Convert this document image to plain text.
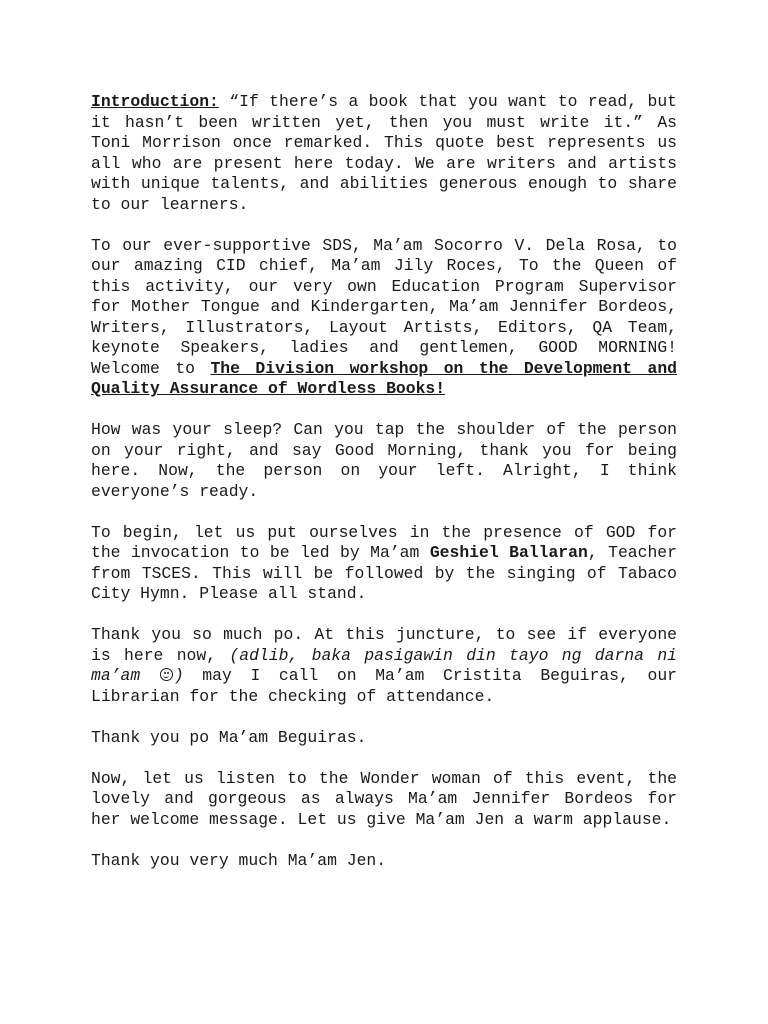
Introduction: “If there’s a book that you want to read, but it hasn’t been written yet, then you must write it.” As Toni Morrison once remarked. This quote best represents us all who are present here today. We are writers and artists with unique talents, and abilities generous enough to share to our learners.

To our ever-supportive SDS, Ma’am Socorro V. Dela Rosa, to our amazing CID chief, Ma’am Jily Roces, To the Queen of this activity, our very own Education Program Supervisor for Mother Tongue and Kindergarten, Ma’am Jennifer Bordeos, Writers, Illustrators, Layout Artists, Editors, QA Team, keynote Speakers, ladies and gentlemen, GOOD MORNING! Welcome to The Division workshop on the Development and Quality Assurance of Wordless Books!

How was your sleep? Can you tap the shoulder of the person on your right, and say Good Morning, thank you for being here. Now, the person on your left. Alright, I think everyone’s ready.

To begin, let us put ourselves in the presence of GOD for the invocation to be led by Ma’am Geshiel Ballaran, Teacher from TSCES. This will be followed by the singing of Tabaco City Hymn. Please all stand.

Thank you so much po. At this juncture, to see if everyone is here now, (adlib, baka pasigawin din tayo ng darna ni ma’am
) may I call on Ma’am Cristita Beguiras, our Librarian for the checking of attendance.

Thank you po Ma’am Beguiras.

Now, let us listen to the Wonder woman of this event, the lovely and gorgeous as always Ma’am Jennifer Bordeos for her welcome message. Let us give Ma’am Jen a warm applause.

Thank you very much Ma’am Jen.
